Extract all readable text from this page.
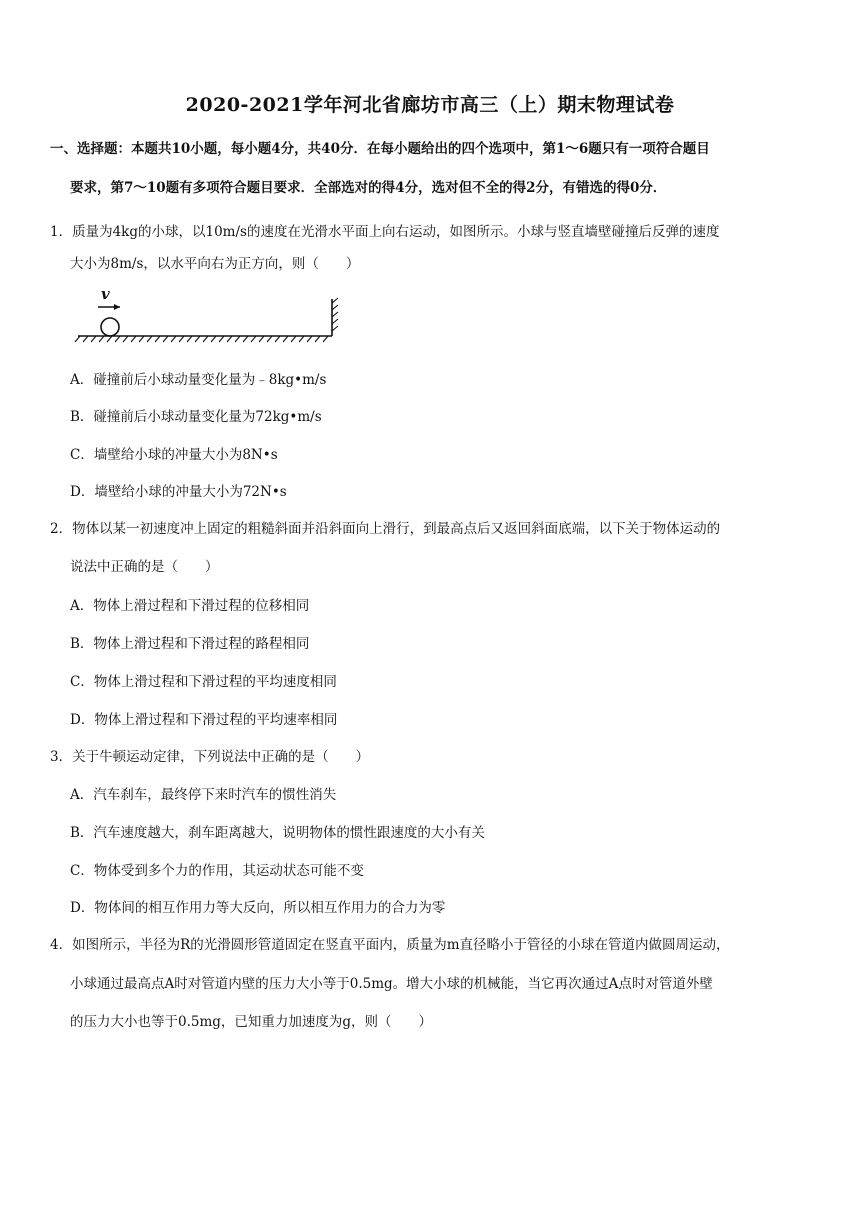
2020-2021学年河北省廊坊市高三（上）期末物理试卷
一、选择题：本题共10小题，每小题4分，共40分．在每小题给出的四个选项中，第1～6题只有一项符合题目
要求，第7～10题有多项符合题目要求．全部选对的得4分，选对但不全的得2分，有错选的得0分．
1．质量为4kg的小球，以10m/s的速度在光滑水平面上向右运动，如图所示。小球与竖直墙壁碰撞后反弹的速度
大小为8m/s，以水平向右为正方向，则（　　）
v
A．碰撞前后小球动量变化量为﹣8kg•m/s
B．碰撞前后小球动量变化量为72kg•m/s
C．墙壁给小球的冲量大小为8N•s
D．墙壁给小球的冲量大小为72N•s
2．物体以某一初速度冲上固定的粗糙斜面并沿斜面向上滑行，到最高点后又返回斜面底端，以下关于物体运动的
说法中正确的是（　　）
A．物体上滑过程和下滑过程的位移相同
B．物体上滑过程和下滑过程的路程相同
C．物体上滑过程和下滑过程的平均速度相同
D．物体上滑过程和下滑过程的平均速率相同
3．关于牛顿运动定律，下列说法中正确的是（　　）
A．汽车刹车，最终停下来时汽车的惯性消失
B．汽车速度越大，刹车距离越大，说明物体的惯性跟速度的大小有关
C．物体受到多个力的作用，其运动状态可能不变
D．物体间的相互作用力等大反向，所以相互作用力的合力为零
4．如图所示，半径为R的光滑圆形管道固定在竖直平面内，质量为m直径略小于管径的小球在管道内做圆周运动，
小球通过最高点A时对管道内壁的压力大小等于0.5mg。增大小球的机械能，当它再次通过A点时对管道外壁
的压力大小也等于0.5mg，已知重力加速度为g，则（　　）
